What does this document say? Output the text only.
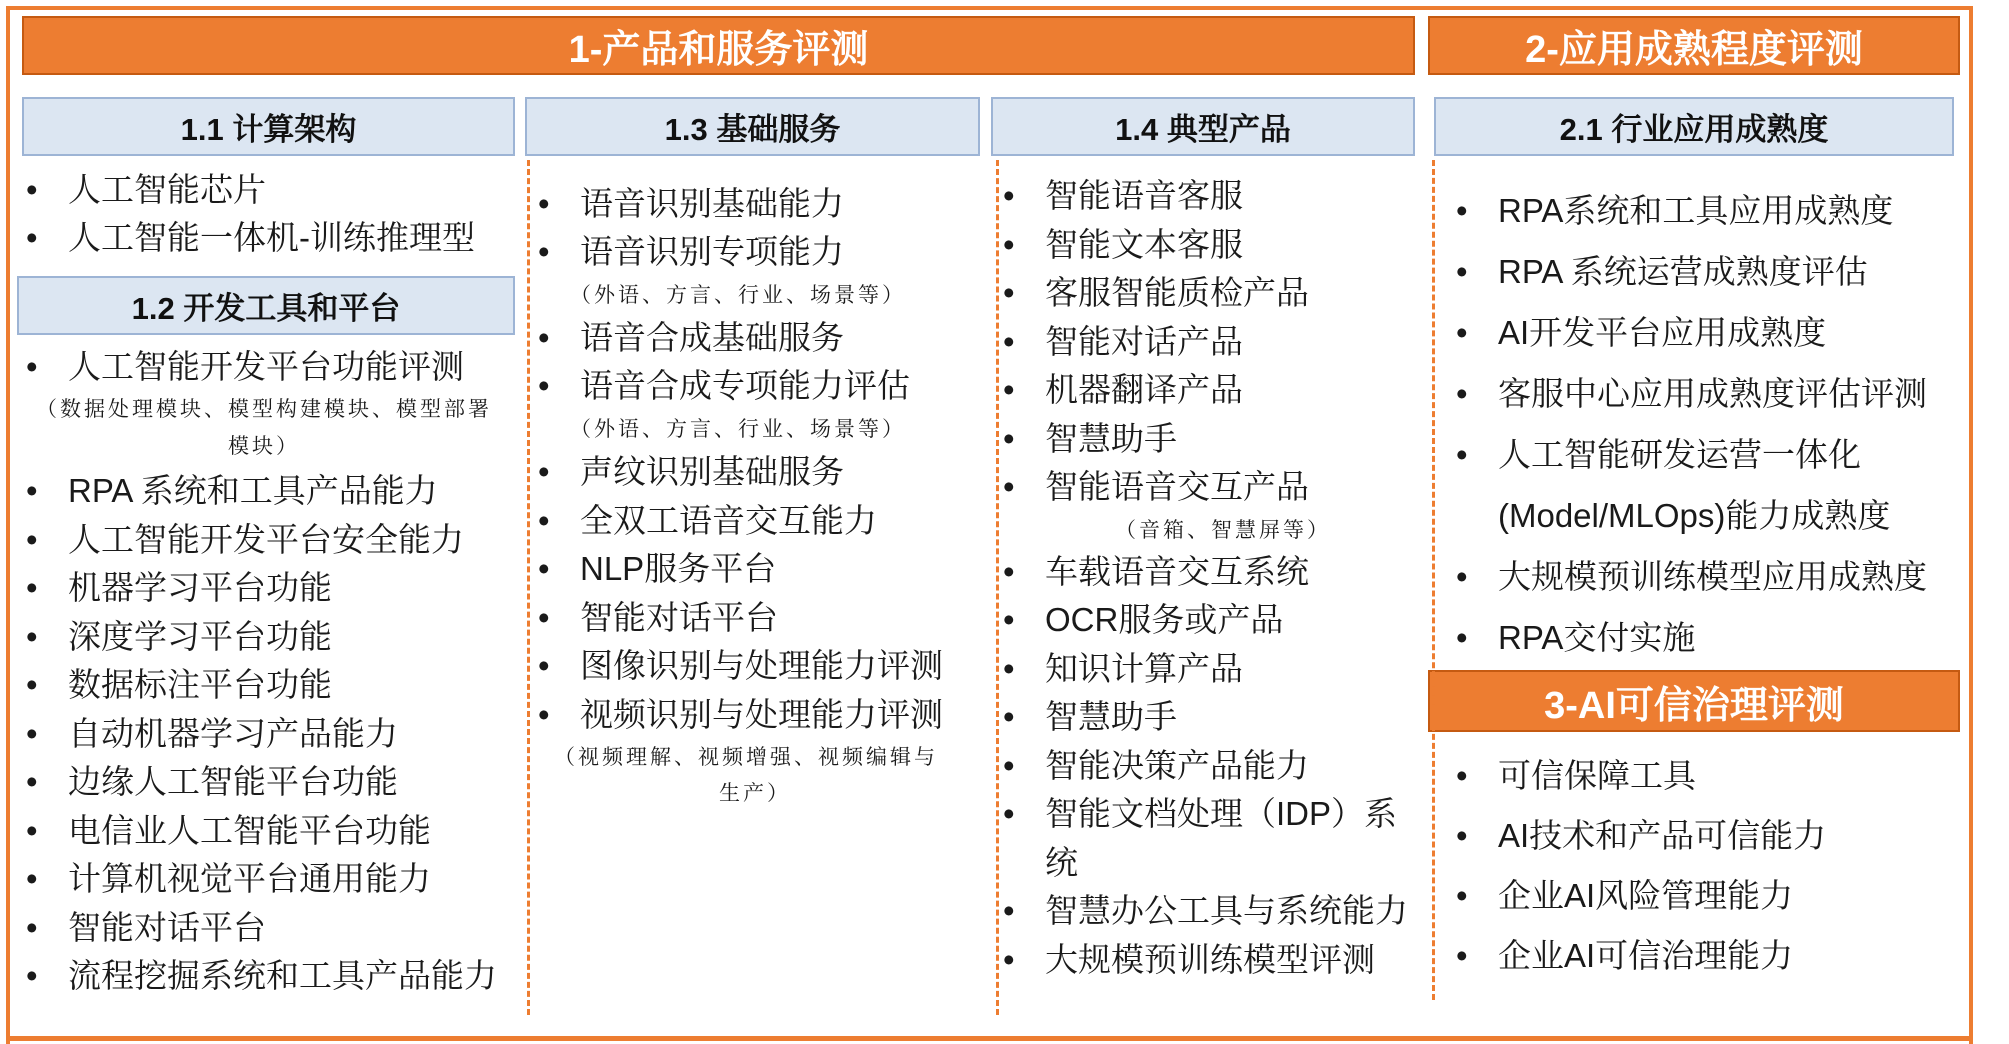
1-产品和服务评测	2-应用成熟程度评测
3-AI可信治理评测
1.1 计算架构
1.2 开发工具和平台
1.3 基础服务	1.4 典型产品	2.1 行业应用成熟度
• 人工智能芯片
• 人工智能一体机-训练推理型
• 人工智能开发平台功能评测
（数据处理模块、模型构建模块、模型部署
模块）
• RPA 系统和工具产品能力
• 人工智能开发平台安全能力
• 机器学习平台功能
• 深度学习平台功能
• 数据标注平台功能
• 自动机器学习产品能力
• 边缘人工智能平台功能
• 电信业人工智能平台功能
• 计算机视觉平台通用能力
• 智能对话平台
• 流程挖掘系统和工具产品能力
• 语音识别基础能力
• 语音识别专项能力
（外语、方言、行业、场景等）
• 语音合成基础服务
• 语音合成专项能力评估
（外语、方言、行业、场景等）
• 声纹识别基础服务
• 全双工语音交互能力
• NLP服务平台
• 智能对话平台
• 图像识别与处理能力评测
• 视频识别与处理能力评测
（视频理解、视频增强、视频编辑与
生产）
• 智能语音客服
• 智能文本客服
• 客服智能质检产品
• 智能对话产品
• 机器翻译产品
• 智慧助手
• 智能语音交互产品
（音箱、智慧屏等）
• 车载语音交互系统
• OCR服务或产品
• 知识计算产品
• 智慧助手
• 智能决策产品能力
• 智能文档处理（IDP）系
统
• 智慧办公工具与系统能力
• 大规模预训练模型评测
• RPA系统和工具应用成熟度
• RPA 系统运营成熟度评估
• AI开发平台应用成熟度
• 客服中心应用成熟度评估评测
• 人工智能研发运营一体化
(Model/MLOps)能力成熟度
• 大规模预训练模型应用成熟度
• RPA交付实施
• 可信保障工具
• AI技术和产品可信能力
• 企业AI风险管理能力
• 企业AI可信治理能力
